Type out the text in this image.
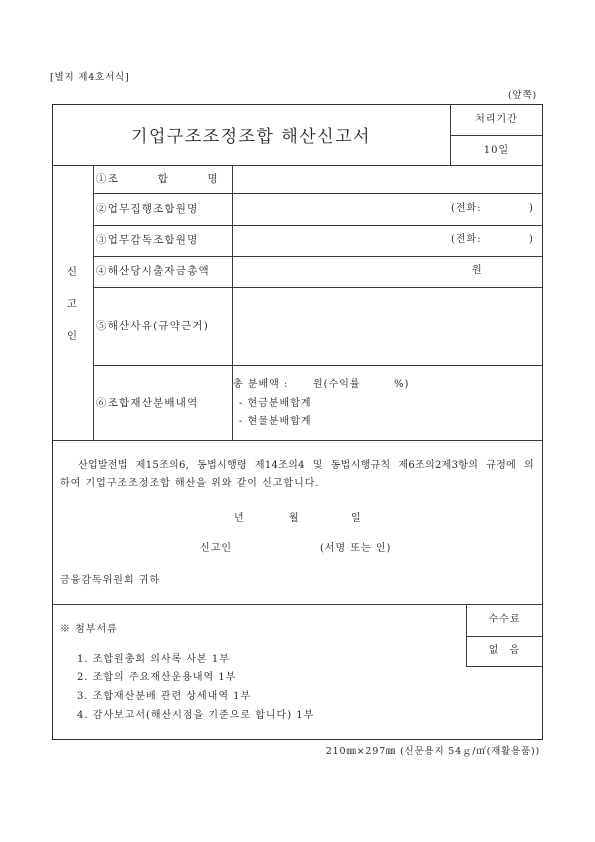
[별지 제4호서식]
(앞쪽)
기업구조조정조합 해산신고서
처리기간
10일
신
고
인
①조 합 명
②업무집행조합원명	(전화:	)
③업무감독조합원명	(전화:	)
④해산당시출자금총액	원
⑤해산사유(규약근거)
⑥조합재산분배내역
총 분배액 : 원(수익률	%)
- 현금분배합계
- 현물분배합계
산업발전법 제15조의6, 동법시행령 제14조의4 및 동법시행규칙 제6조의2제3항의 규정에 의
하여 기업구조조정조합 해산을 위와 같이 신고합니다.
년	월	일
신고인	(서명 또는 인)
금융감독위원회 귀하
※ 첨부서류
수수료
없 음
1. 조합원총회 의사록 사본 1부
2. 조합의 주요재산운용내역 1부
3. 조합재산분배 관련 상세내역 1부
4. 감사보고서(해산시점을 기준으로 합니다) 1부
210㎜×297㎜ (신문용지 54ｇ/㎡(재활용품))
